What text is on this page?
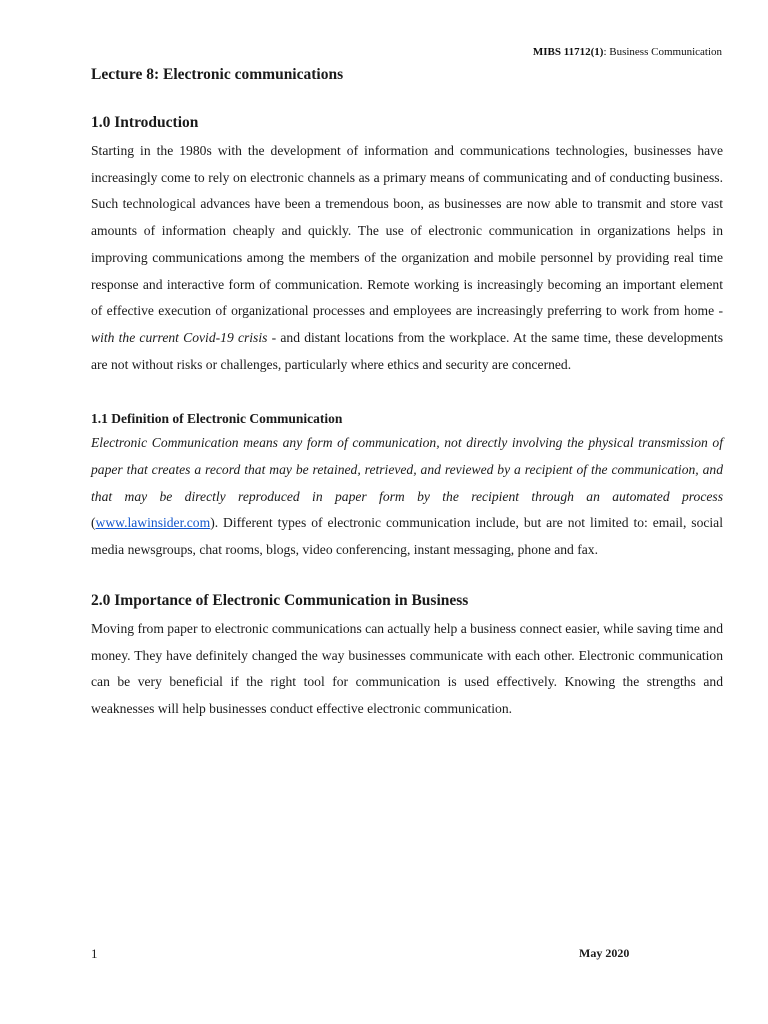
MIBS 11712(1): Business Communication
Lecture 8: Electronic communications
1.0 Introduction

Starting in the 1980s with the development of information and communications technologies, businesses have increasingly come to rely on electronic channels as a primary means of communicating and of conducting business. Such technological advances have been a tremendous boon, as businesses are now able to transmit and store vast amounts of information cheaply and quickly. The use of electronic communication in organizations helps in improving communications among the members of the organization and mobile personnel by providing real time response and interactive form of communication. Remote working is increasingly becoming an important element of effective execution of organizational processes and employees are increasingly preferring to work from home - with the current Covid-19 crisis - and distant locations from the workplace. At the same time, these developments are not without risks or challenges, particularly where ethics and security are concerned.

1.1 Definition of Electronic Communication

Electronic Communication means any form of communication, not directly involving the physical transmission of paper that creates a record that may be retained, retrieved, and reviewed by a recipient of the communication, and that may be directly reproduced in paper form by the recipient through an automated process (www.lawinsider.com). Different types of electronic communication include, but are not limited to: email, social media newsgroups, chat rooms, blogs, video conferencing, instant messaging, phone and fax.

2.0 Importance of Electronic Communication in Business

Moving from paper to electronic communications can actually help a business connect easier, while saving time and money. They have definitely changed the way businesses communicate with each other. Electronic communication can be very beneficial if the right tool for communication is used effectively. Knowing the strengths and weaknesses will help businesses conduct effective electronic communication.

1	May 2020
